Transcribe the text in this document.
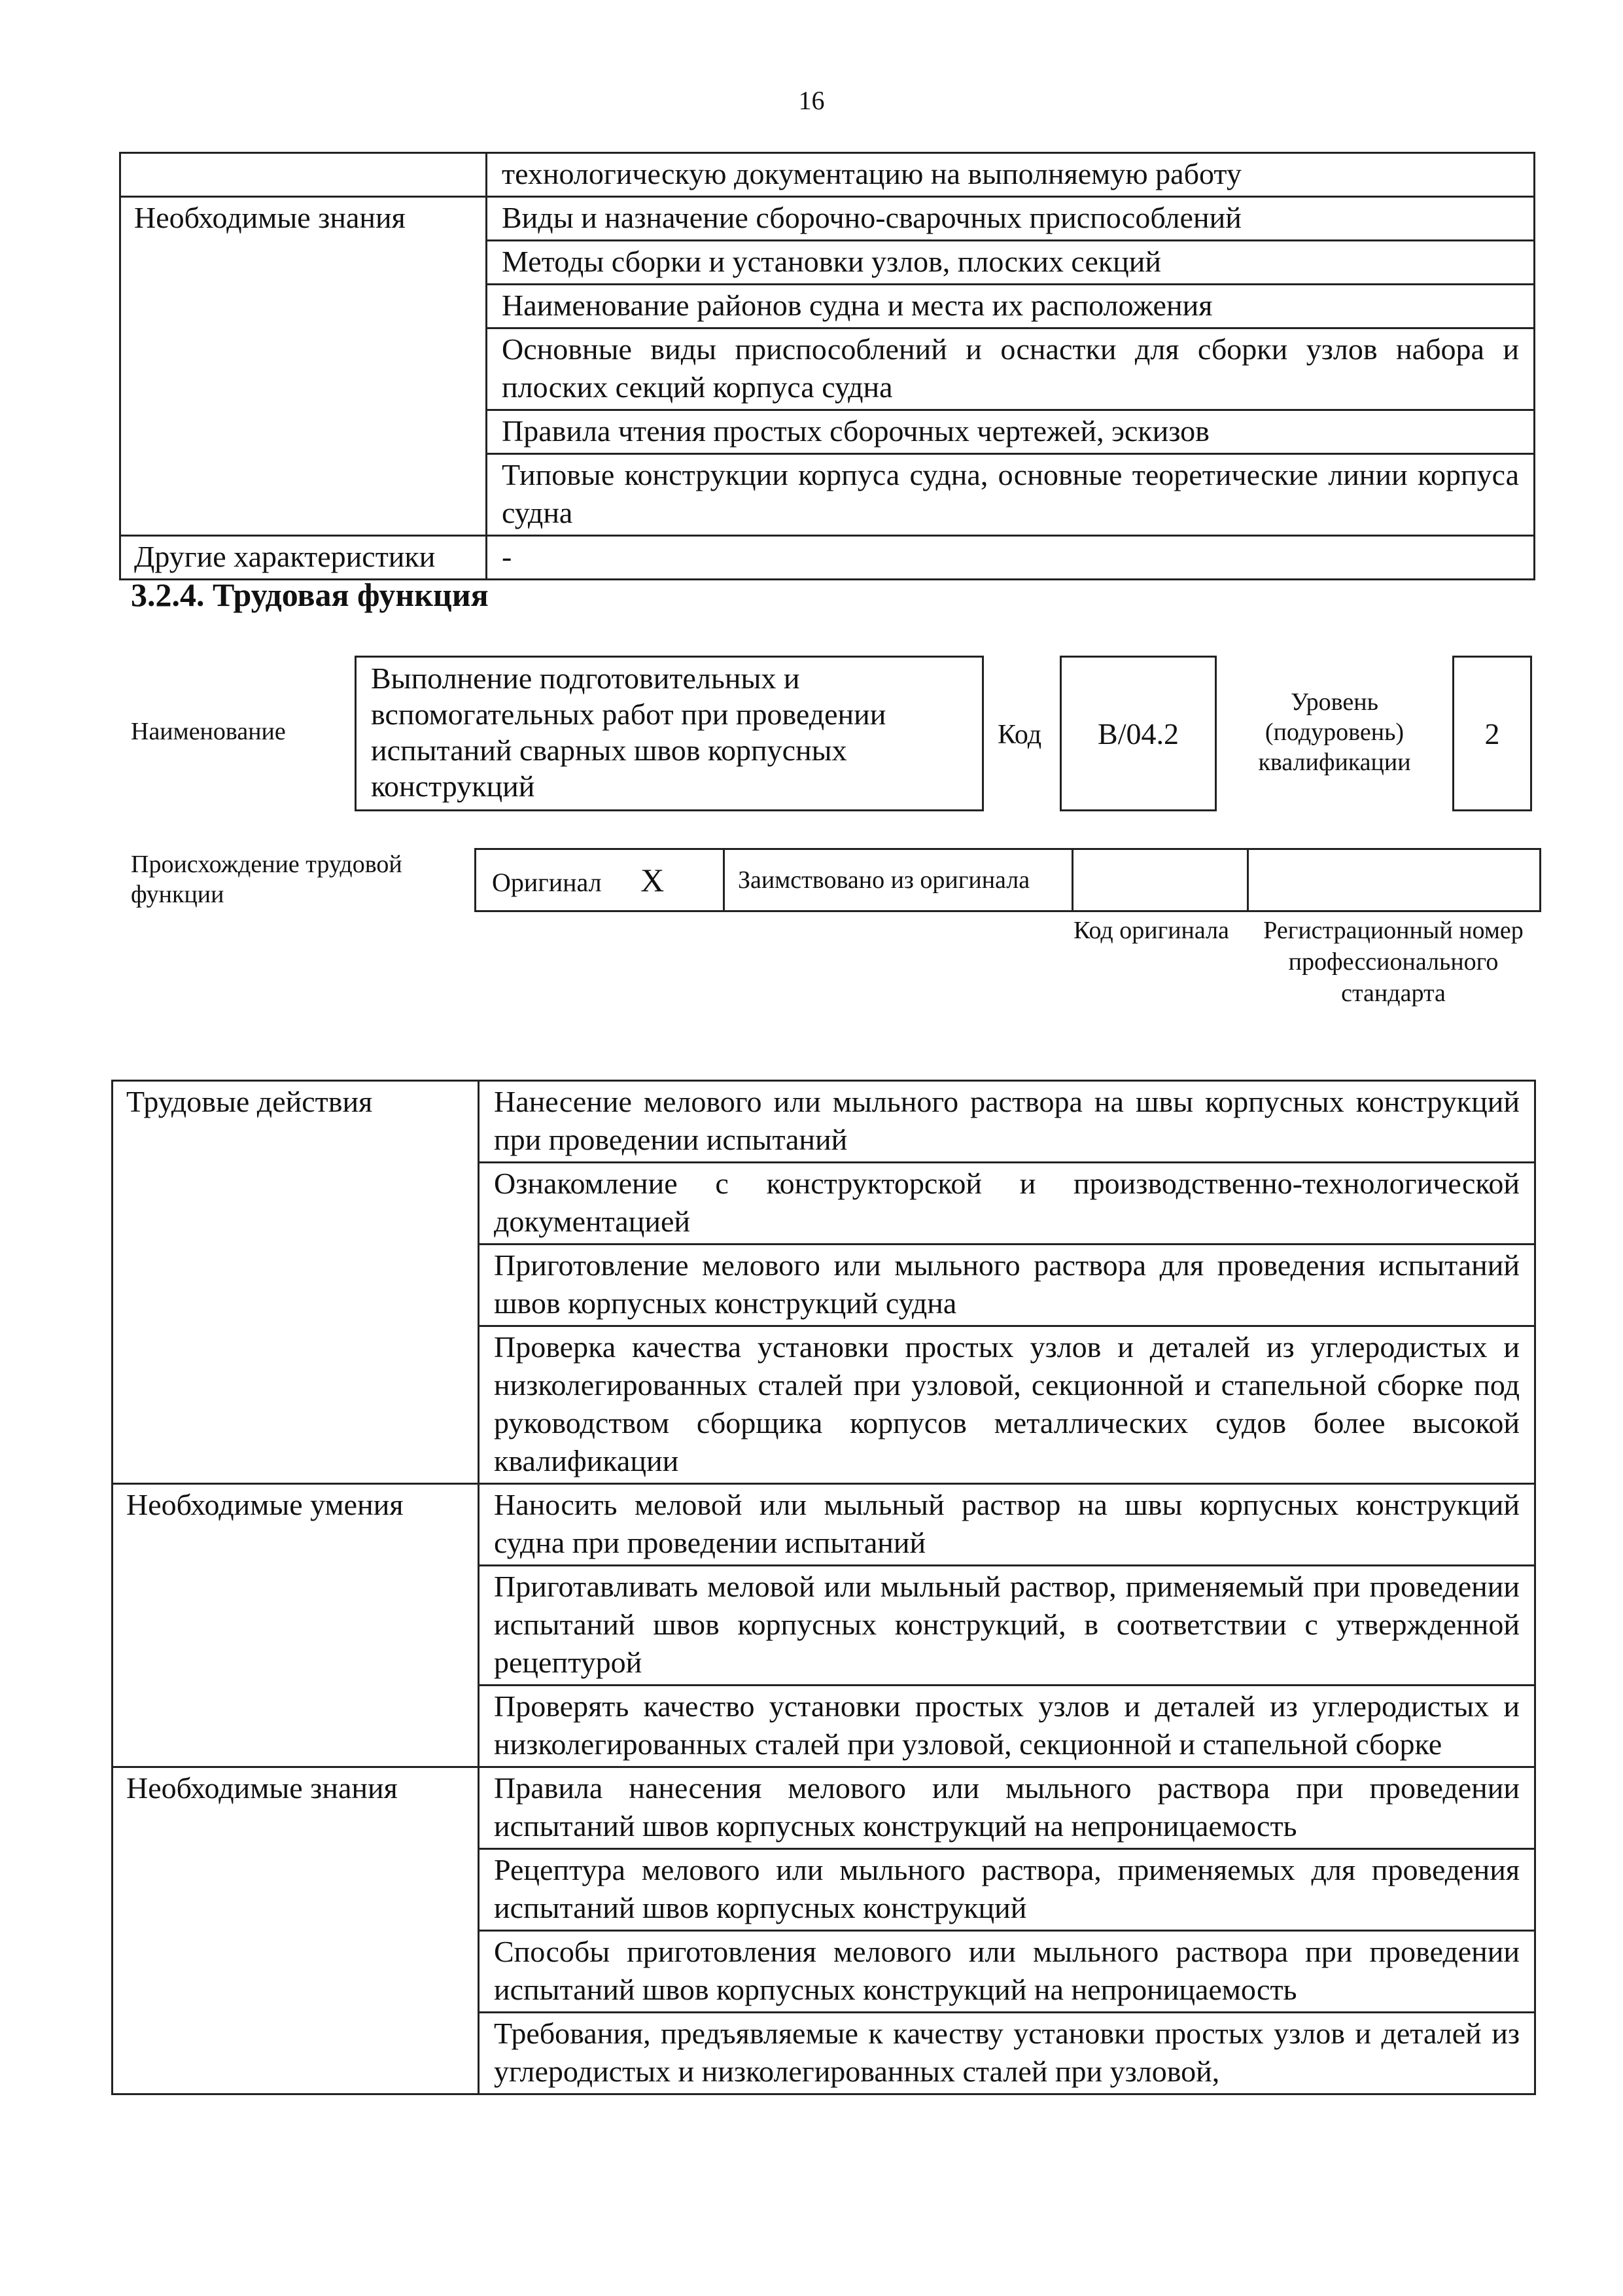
16
	технологическую документацию на выполняемую работу
Необходимые знания	Виды и назначение сборочно-сварочных приспособлений
	Методы сборки и установки узлов, плоских секций
	Наименование районов судна и места их расположения
	Основные виды приспособлений и оснастки для сборки узлов набора и плоских секций корпуса судна
	Правила чтения простых сборочных чертежей, эскизов
	Типовые конструкции корпуса судна, основные теоретические линии корпуса судна
Другие характеристики	-
3.2.4. Трудовая функция
Наименование
Выполнение подготовительных и вспомогательных работ при проведении испытаний сварных швов корпусных конструкций
Код	В/04.2
Уровень (подуровень) квалификации
2
Происхождение трудовой функции	Оригинал X	Заимствовано из оригинала		
Код оригинала Регистрационный номер профессионального стандарта
Трудовые действия	Нанесение мелового или мыльного раствора на швы корпусных конструкций при проведении испытаний
	Ознакомление с конструкторской и производственно-технологической документацией
	Приготовление мелового или мыльного раствора для проведения испытаний швов корпусных конструкций судна
	Проверка качества установки простых узлов и деталей из углеродистых и низколегированных сталей при узловой, секционной и стапельной сборке под руководством сборщика корпусов металлических судов более высокой квалификации
Необходимые умения	Наносить меловой или мыльный раствор на швы корпусных конструкций судна при проведении испытаний
	Приготавливать меловой или мыльный раствор, применяемый при проведении испытаний швов корпусных конструкций, в соответствии с утвержденной рецептурой
	Проверять качество установки простых узлов и деталей из углеродистых и низколегированных сталей при узловой, секционной и стапельной сборке
Необходимые знания	Правила нанесения мелового или мыльного раствора при проведении испытаний швов корпусных конструкций на непроницаемость
	Рецептура мелового или мыльного раствора, применяемых для проведения испытаний швов корпусных конструкций
	Способы приготовления мелового или мыльного раствора при проведении испытаний швов корпусных конструкций на непроницаемость
	Требования, предъявляемые к качеству установки простых узлов и деталей из углеродистых и низколегированных сталей при узловой,
